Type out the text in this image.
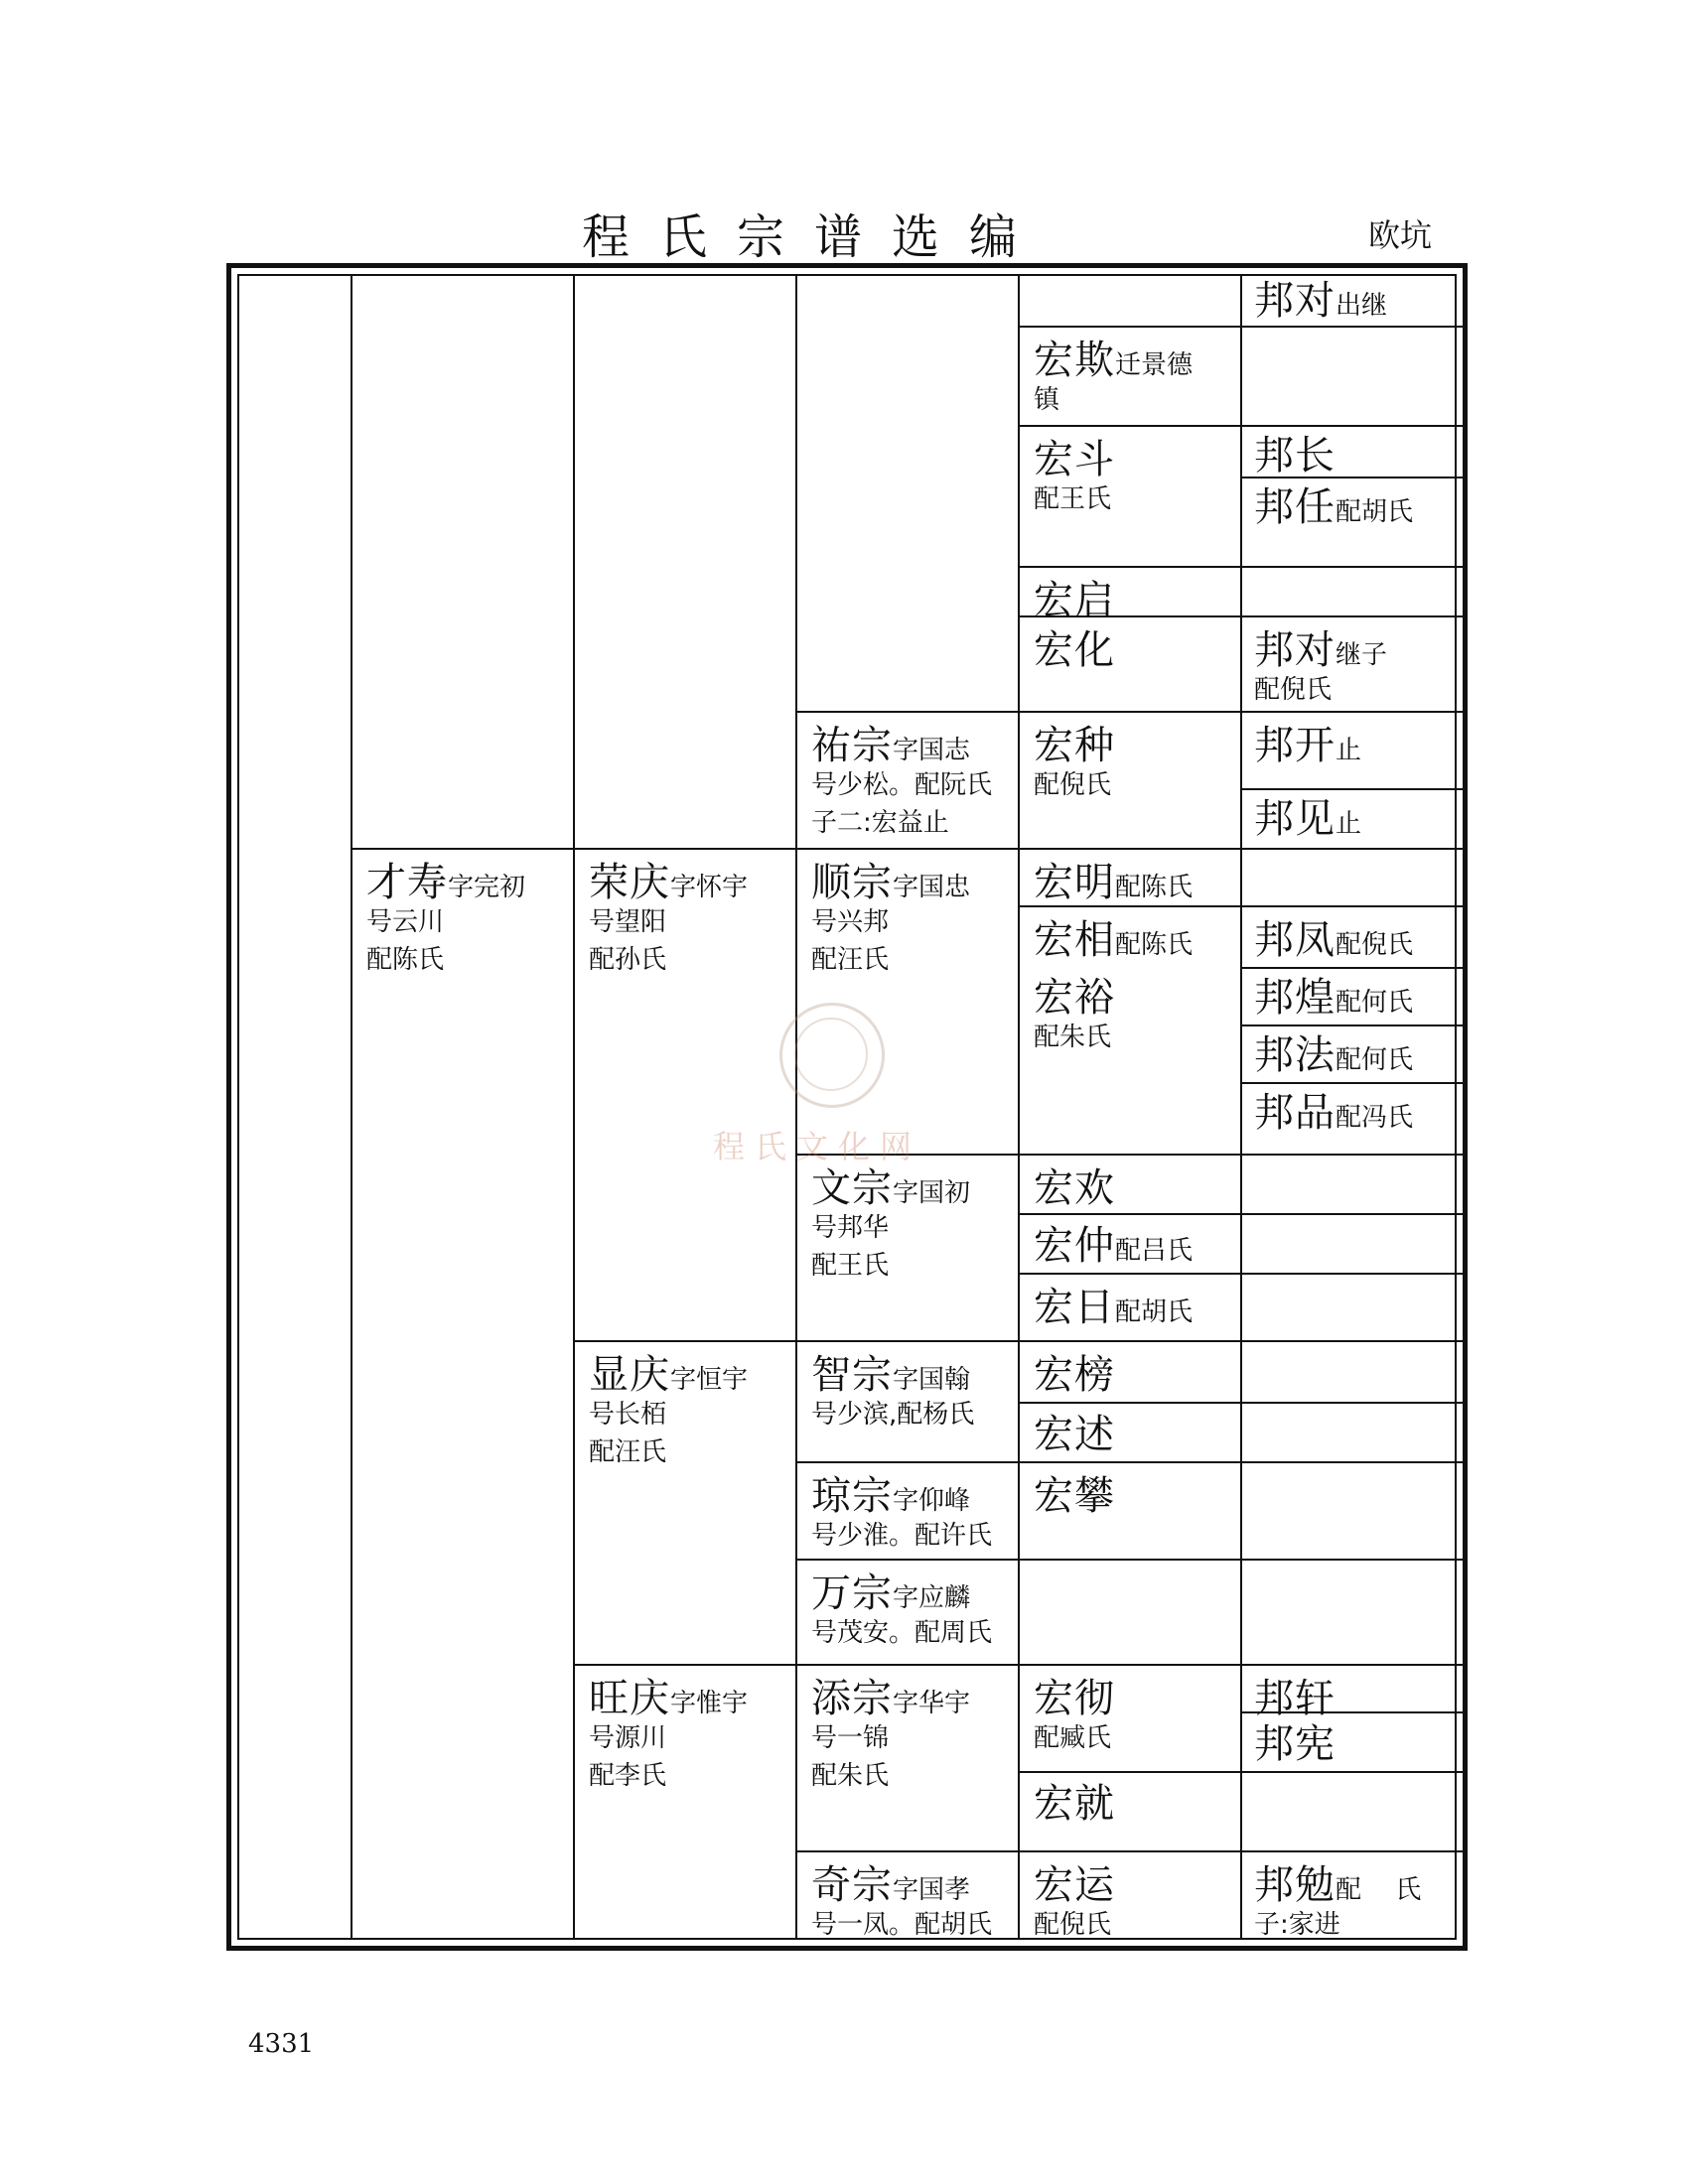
程氏宗谱选编	欧坑
4331
才寿字完初
号云川
配陈氏
荣庆字怀宇
号望阳
配孙氏
显庆字恒宇
号长栢
配汪氏
旺庆字惟宇
号源川
配李氏
祐宗字国志
号少松。配阮氏
子二:宏益止
顺宗字国忠
号兴邦
配汪氏
文宗字国初
号邦华
配王氏
智宗字国翰
号少滨,配杨氏
琼宗字仰峰
号少淮。配许氏
万宗字应麟
号茂安。配周氏
添宗字华宇
号一锦
配朱氏
奇宗字国孝
号一凤。配胡氏
宏欺迁景德
镇
宏斗
配王氏
宏启
宏化
宏种
配倪氏
宏明配陈氏
宏相配陈氏
宏裕
配朱氏
宏欢
宏仲配吕氏
宏日配胡氏
宏榜
宏述
宏攀
宏彻
配臧氏
宏就
宏运
配倪氏
邦对出继
邦长
邦任配胡氏
邦对继子
配倪氏
邦开止
邦见止
邦凤配倪氏
邦煌配何氏
邦法配何氏
邦品配冯氏
邦轩
邦宪
邦勉配　 氏
子:家进
程氏文化网
